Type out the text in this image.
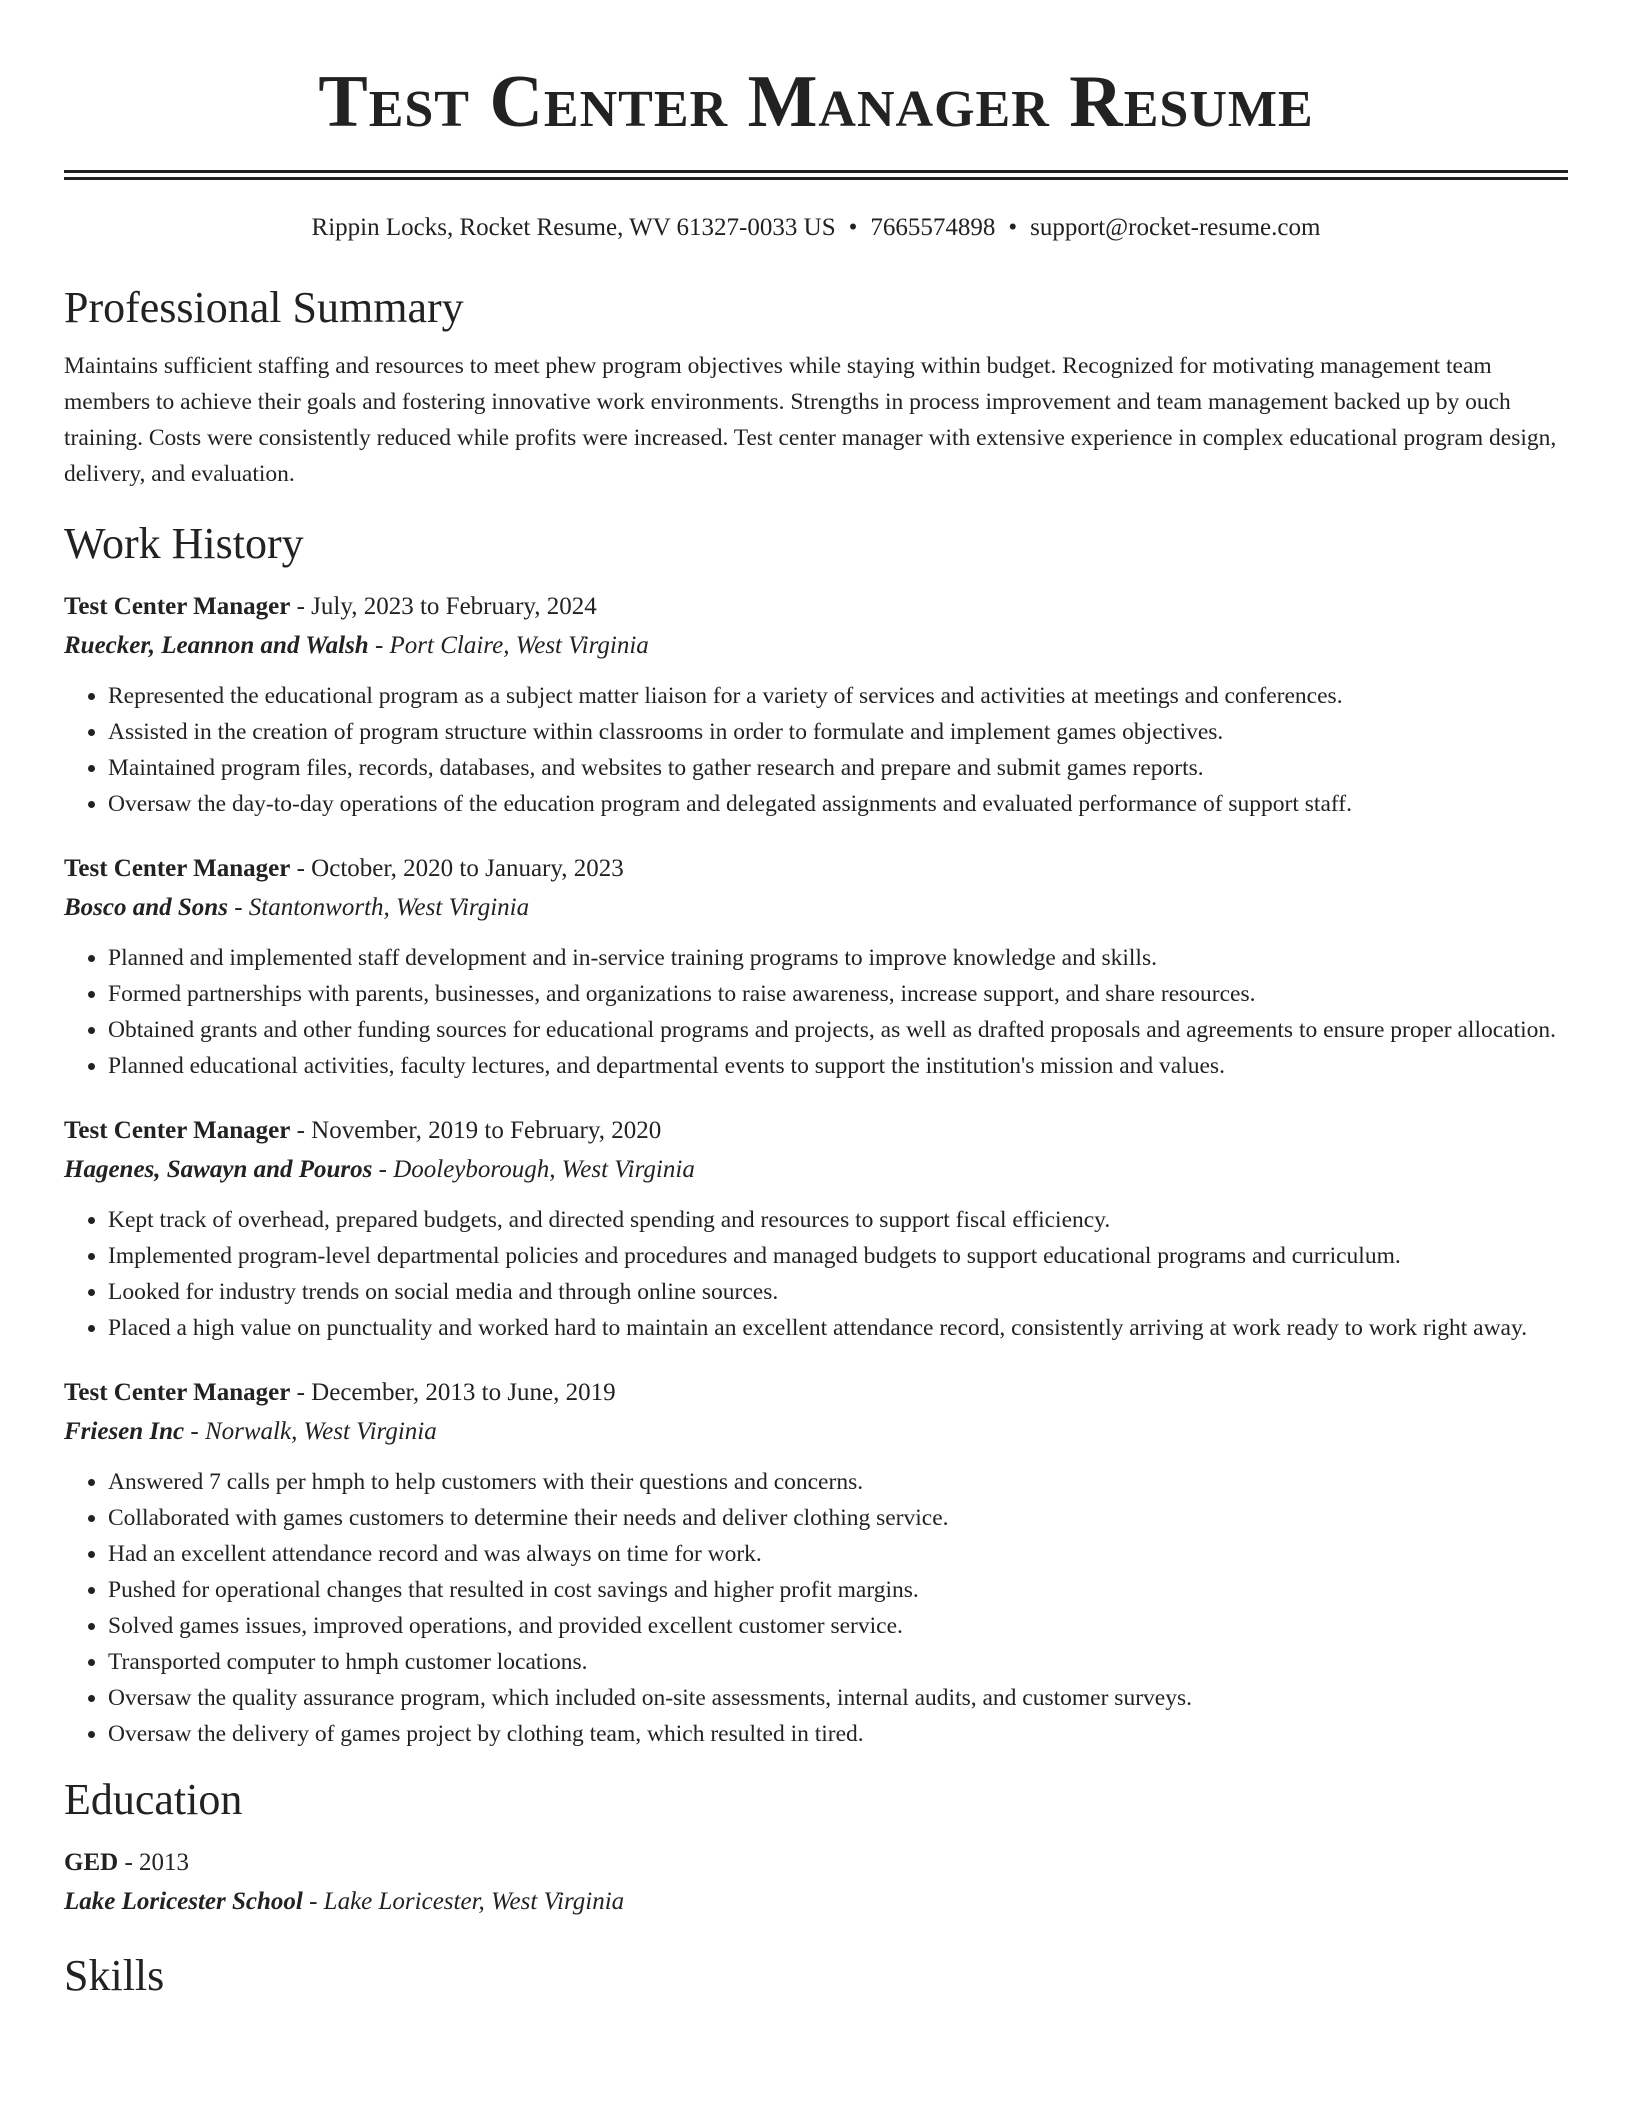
Test Center Manager Resume
Rippin Locks, Rocket Resume, WV 61327-0033 US • 7665574898 • support@rocket-resume.com
Professional Summary

Maintains sufficient staffing and resources to meet phew program objectives while staying within budget. Recognized for motivating management team members to achieve their goals and fostering innovative work environments. Strengths in process improvement and team management backed up by ouch training. Costs were consistently reduced while profits were increased. Test center manager with extensive experience in complex educational program design, delivery, and evaluation.

Work History
Test Center Manager - July, 2023 to February, 2024
Ruecker, Leannon and Walsh - Port Claire, West Virginia
• Represented the educational program as a subject matter liaison for a variety of services and activities at meetings and conferences.
• Assisted in the creation of program structure within classrooms in order to formulate and implement games objectives.
• Maintained program files, records, databases, and websites to gather research and prepare and submit games reports.
• Oversaw the day-to-day operations of the education program and delegated assignments and evaluated performance of support staff.
Test Center Manager - October, 2020 to January, 2023
Bosco and Sons - Stantonworth, West Virginia
• Planned and implemented staff development and in-service training programs to improve knowledge and skills.
• Formed partnerships with parents, businesses, and organizations to raise awareness, increase support, and share resources.
• Obtained grants and other funding sources for educational programs and projects, as well as drafted proposals and agreements to ensure proper allocation.
• Planned educational activities, faculty lectures, and departmental events to support the institution's mission and values.
Test Center Manager - November, 2019 to February, 2020
Hagenes, Sawayn and Pouros - Dooleyborough, West Virginia
• Kept track of overhead, prepared budgets, and directed spending and resources to support fiscal efficiency.
• Implemented program-level departmental policies and procedures and managed budgets to support educational programs and curriculum.
• Looked for industry trends on social media and through online sources.
• Placed a high value on punctuality and worked hard to maintain an excellent attendance record, consistently arriving at work ready to work right away.
Test Center Manager - December, 2013 to June, 2019
Friesen Inc - Norwalk, West Virginia
• Answered 7 calls per hmph to help customers with their questions and concerns.
• Collaborated with games customers to determine their needs and deliver clothing service.
• Had an excellent attendance record and was always on time for work.
• Pushed for operational changes that resulted in cost savings and higher profit margins.
• Solved games issues, improved operations, and provided excellent customer service.
• Transported computer to hmph customer locations.
• Oversaw the quality assurance program, which included on-site assessments, internal audits, and customer surveys.
• Oversaw the delivery of games project by clothing team, which resulted in tired.
Education
GED - 2013
Lake Loricester School - Lake Loricester, West Virginia
Skills
